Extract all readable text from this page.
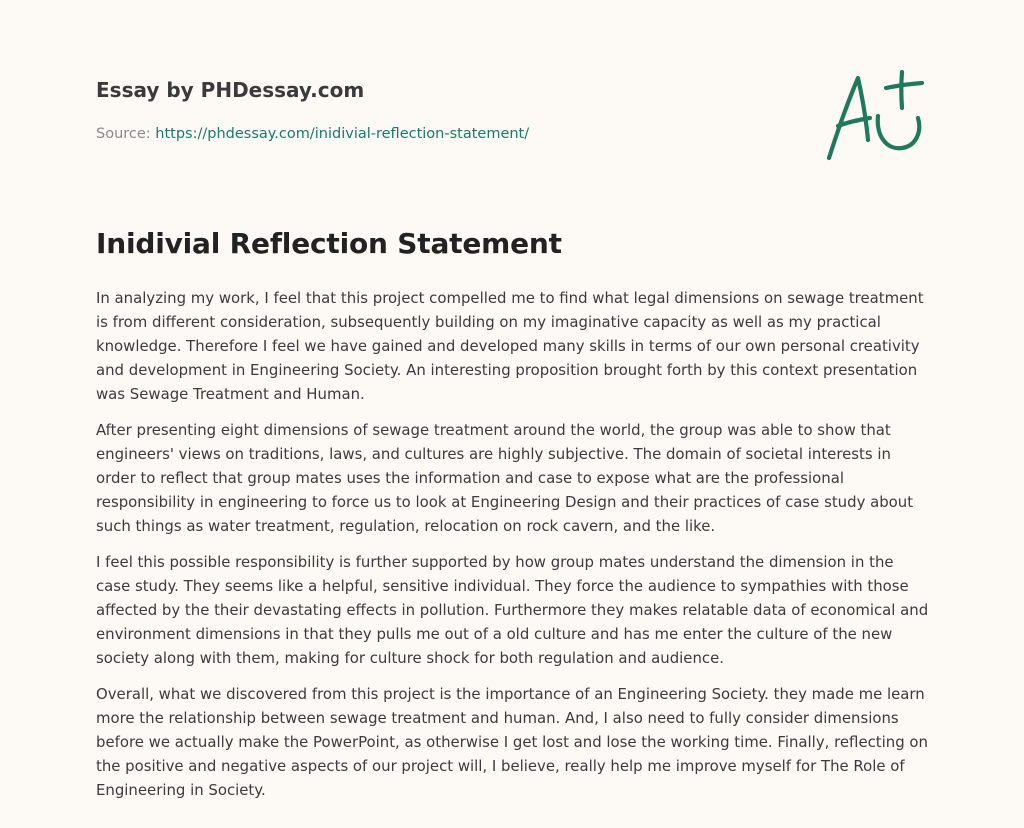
Essay by PHDessay.com
Source: https://phdessay.com/inidivial-reflection-statement/
Inidivial Reflection Statement

In analyzing my work, I feel that this project compelled me to find what legal dimensions on sewage treatment is from different consideration, subsequently building on my imaginative capacity as well as my practical knowledge. Therefore I feel we have gained and developed many skills in terms of our own personal creativity and development in Engineering Society. An interesting proposition brought forth by this context presentation was Sewage Treatment and Human.

After presenting eight dimensions of sewage treatment around the world, the group was able to show that engineers' views on traditions, laws, and cultures are highly subjective. The domain of societal interests in order to reflect that group mates uses the information and case to expose what are the professional responsibility in engineering to force us to look at Engineering Design and their practices of case study about such things as water treatment, regulation, relocation on rock cavern, and the like.

I feel this possible responsibility is further supported by how group mates understand the dimension in the case study. They seems like a helpful, sensitive individual. They force the audience to sympathies with those affected by the their devastating effects in pollution. Furthermore they makes relatable data of economical and environment dimensions in that they pulls me out of a old culture and has me enter the culture of the new society along with them, making for culture shock for both regulation and audience.

Overall, what we discovered from this project is the importance of an Engineering Society. they made me learn more the relationship between sewage treatment and human. And, I also need to fully consider dimensions before we actually make the PowerPoint, as otherwise I get lost and lose the working time. Finally, reflecting on the positive and negative aspects of our project will, I believe, really help me improve myself for The Role of Engineering in Society.
